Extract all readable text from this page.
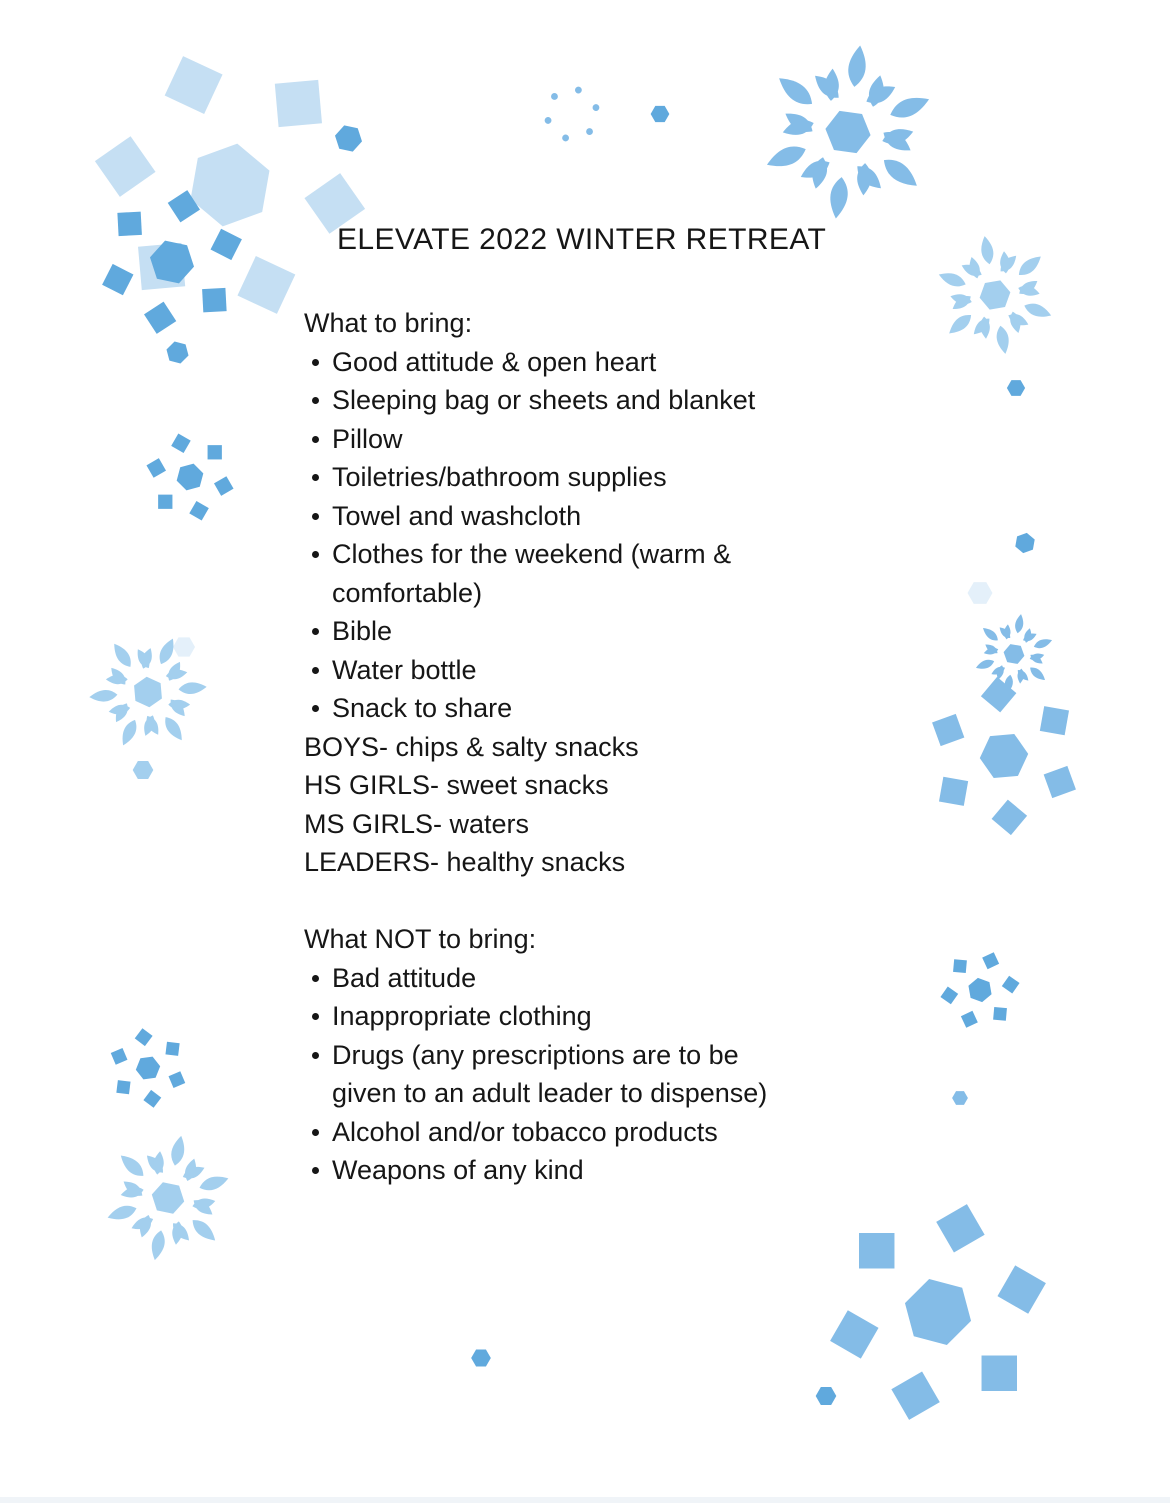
ELEVATE 2022 WINTER RETREAT
What to bring:
Good attitude & open heart
Sleeping bag or sheets and blanket
Pillow
Toiletries/bathroom supplies
Towel and washcloth
Clothes for the weekend (warm &
comfortable)
Bible
Water bottle
Snack to share
BOYS- chips & salty snacks
HS GIRLS- sweet snacks
MS GIRLS- waters
LEADERS- healthy snacks
What NOT to bring:
Bad attitude
Inappropriate clothing
Drugs (any prescriptions are to be
given to an adult leader to dispense)
Alcohol and/or tobacco products
Weapons of any kind
